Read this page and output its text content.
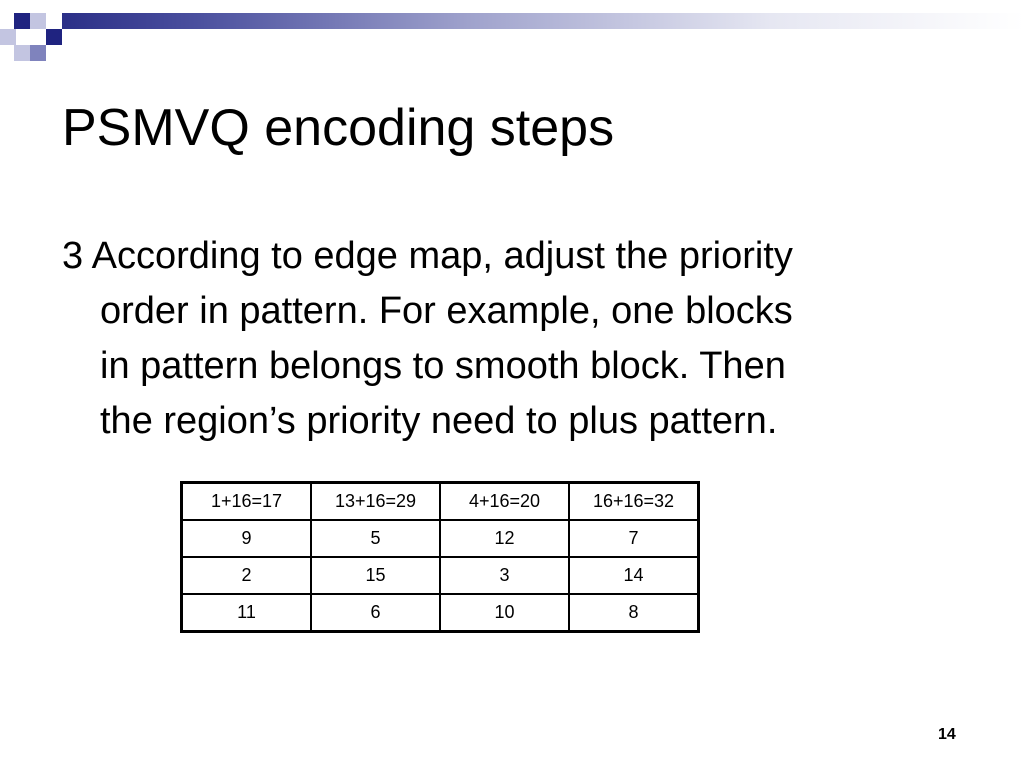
PSMVQ encoding steps

3 According to edge map, adjust the priority
order in pattern. For example, one blocks
in pattern belongs to smooth block. Then
the region’s priority need to plus pattern.

1+16=17	13+16=29	4+16=20	16+16=32
9	5	12	7
2	15	3	14
11	6	10	8
14
